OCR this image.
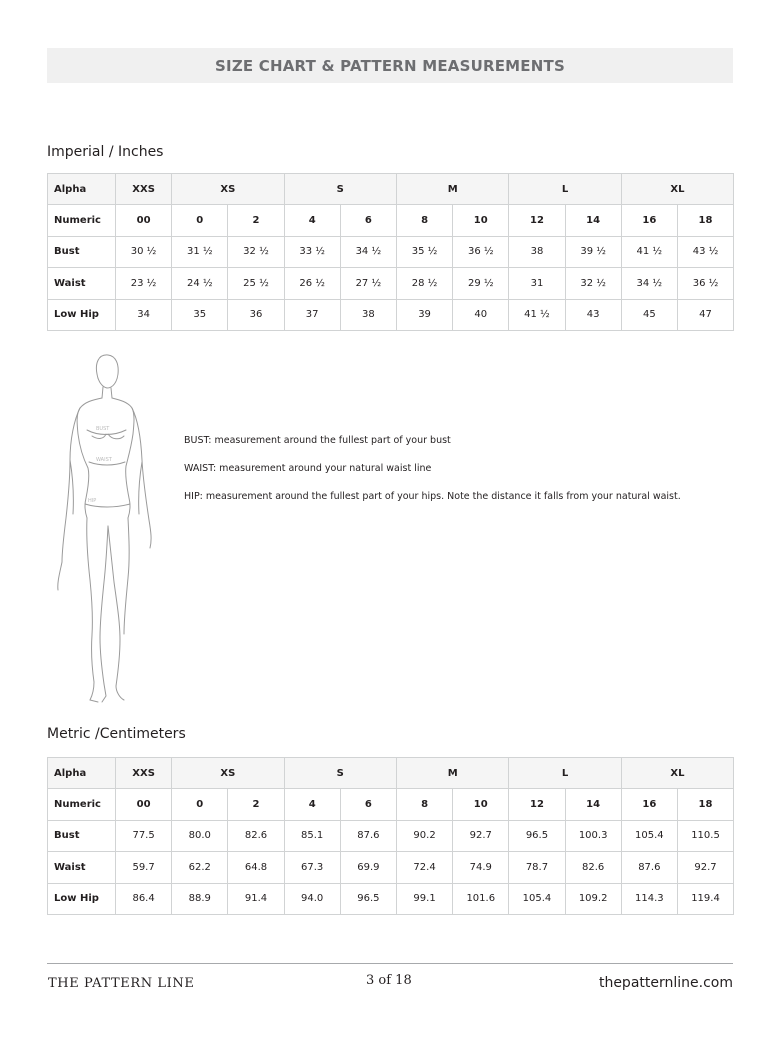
SIZE CHART & PATTERN MEASUREMENTS
Imperial / Inches
Alpha	XXS	XS		S		M		L		XL	
Numeric	00	0	2	4	6	8	10	12	14	16	18
Bust	30 ½	31 ½	32 ½	33 ½	34 ½	35 ½	36 ½	38	39 ½	41 ½	43 ½
Waist	23 ½	24 ½	25 ½	26 ½	27 ½	28 ½	29 ½	31	32 ½	34 ½	36 ½
Low Hip	34	35	36	37	38	39	40	41 ½	43	45	47
BUST
WAIST
HIP

BUST: measurement around the fullest part of your bust

WAIST: measurement around your natural waist line

HIP: measurement around the fullest part of your hips. Note the distance it falls from your natural waist.

Metric /Centimeters
Alpha	XXS	XS		S		M		L		XL	
Numeric	00	0	2	4	6	8	10	12	14	16	18
Bust	77.5	80.0	82.6	85.1	87.6	90.2	92.7	96.5	100.3	105.4	110.5
Waist	59.7	62.2	64.8	67.3	69.9	72.4	74.9	78.7	82.6	87.6	92.7
Low Hip	86.4	88.9	91.4	94.0	96.5	99.1	101.6	105.4	109.2	114.3	119.4
THE PATTERN LINE	3 of 18	thepatternline.com
